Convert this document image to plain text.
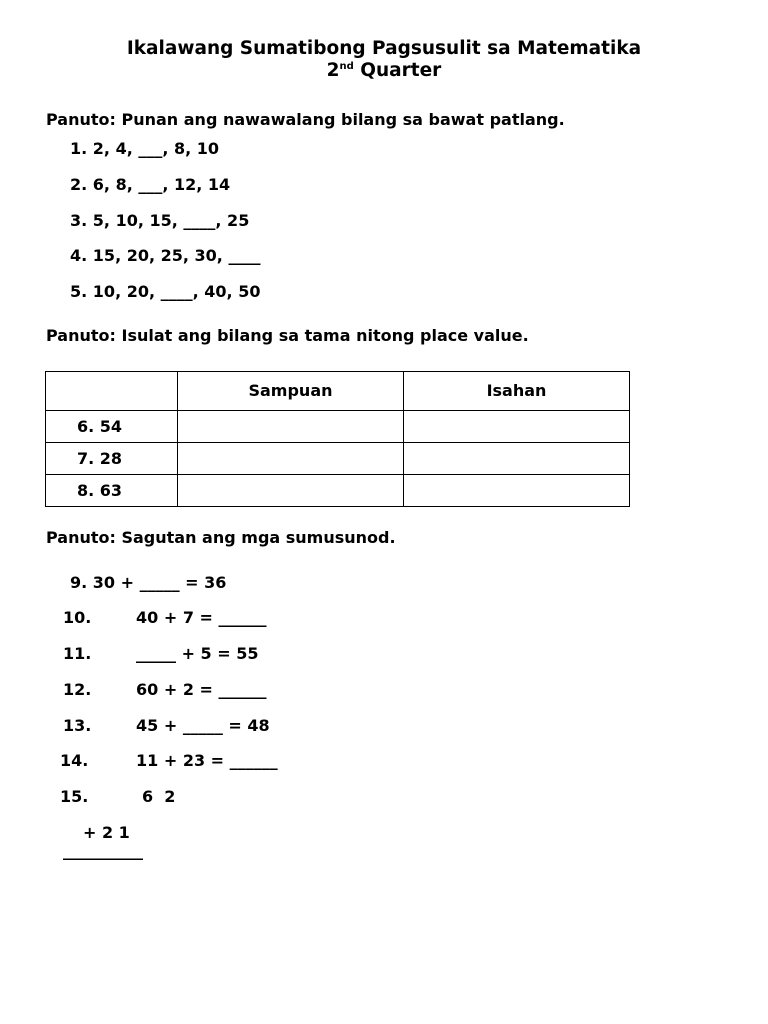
Ikalawang Sumatibong Pagsusulit sa Matematika
2nd Quarter
Panuto: Punan ang nawawalang bilang sa bawat patlang.
1. 2, 4, ___, 8, 10
2. 6, 8, ___, 12, 14
3. 5, 10, 15, ____, 25
4. 15, 20, 25, 30, ____
5. 10, 20, ____, 40, 50
Panuto: Isulat ang bilang sa tama nitong place value.
	Sampuan	Isahan
6. 54		
7. 28		
8. 63		
Panuto: Sagutan ang mga sumusunod.
9. 30 + _____ = 36
10.	40 + 7 = ______
11.	_____ + 5 = 55
12.	60 + 2 = ______
13.	45 + _____ = 48
14.	11 + 23 = ______
15.	6  2
+ 2 1
__________
